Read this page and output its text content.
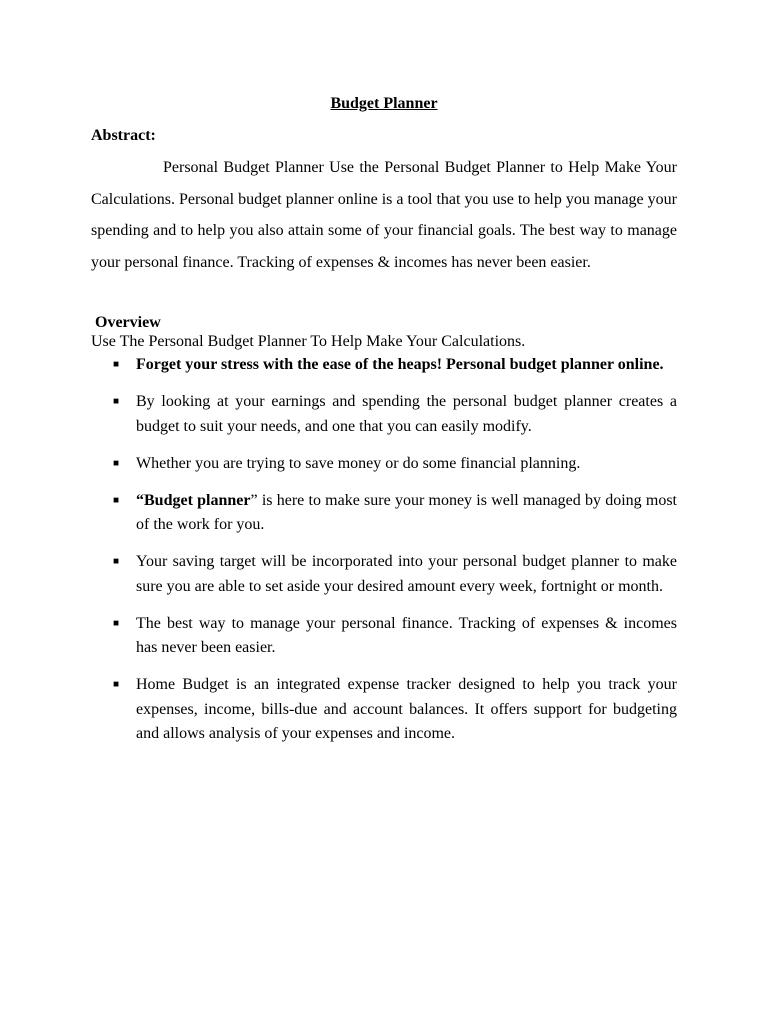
Budget Planner
Abstract:

Personal Budget Planner Use the Personal Budget Planner to Help Make Your Calculations. Personal budget planner online is a tool that you use to help you manage your spending and to help you also attain some of your financial goals. The best way to manage your personal finance. Tracking of expenses & incomes has never been easier.

Overview
Use The Personal Budget Planner To Help Make Your Calculations.
■ Forget your stress with the ease of the heaps! Personal budget planner online.
■ By looking at your earnings and spending the personal budget planner creates a budget to suit your needs, and one that you can easily modify.
■ Whether you are trying to save money or do some financial planning.
■ “Budget planner” is here to make sure your money is well managed by doing most of the work for you.
■ Your saving target will be incorporated into your personal budget planner to make sure you are able to set aside your desired amount every week, fortnight or month.
■ The best way to manage your personal finance. Tracking of expenses & incomes has never been easier.
■ Home Budget is an integrated expense tracker designed to help you track your expenses, income, bills-due and account balances. It offers support for budgeting and allows analysis of your expenses and income.
